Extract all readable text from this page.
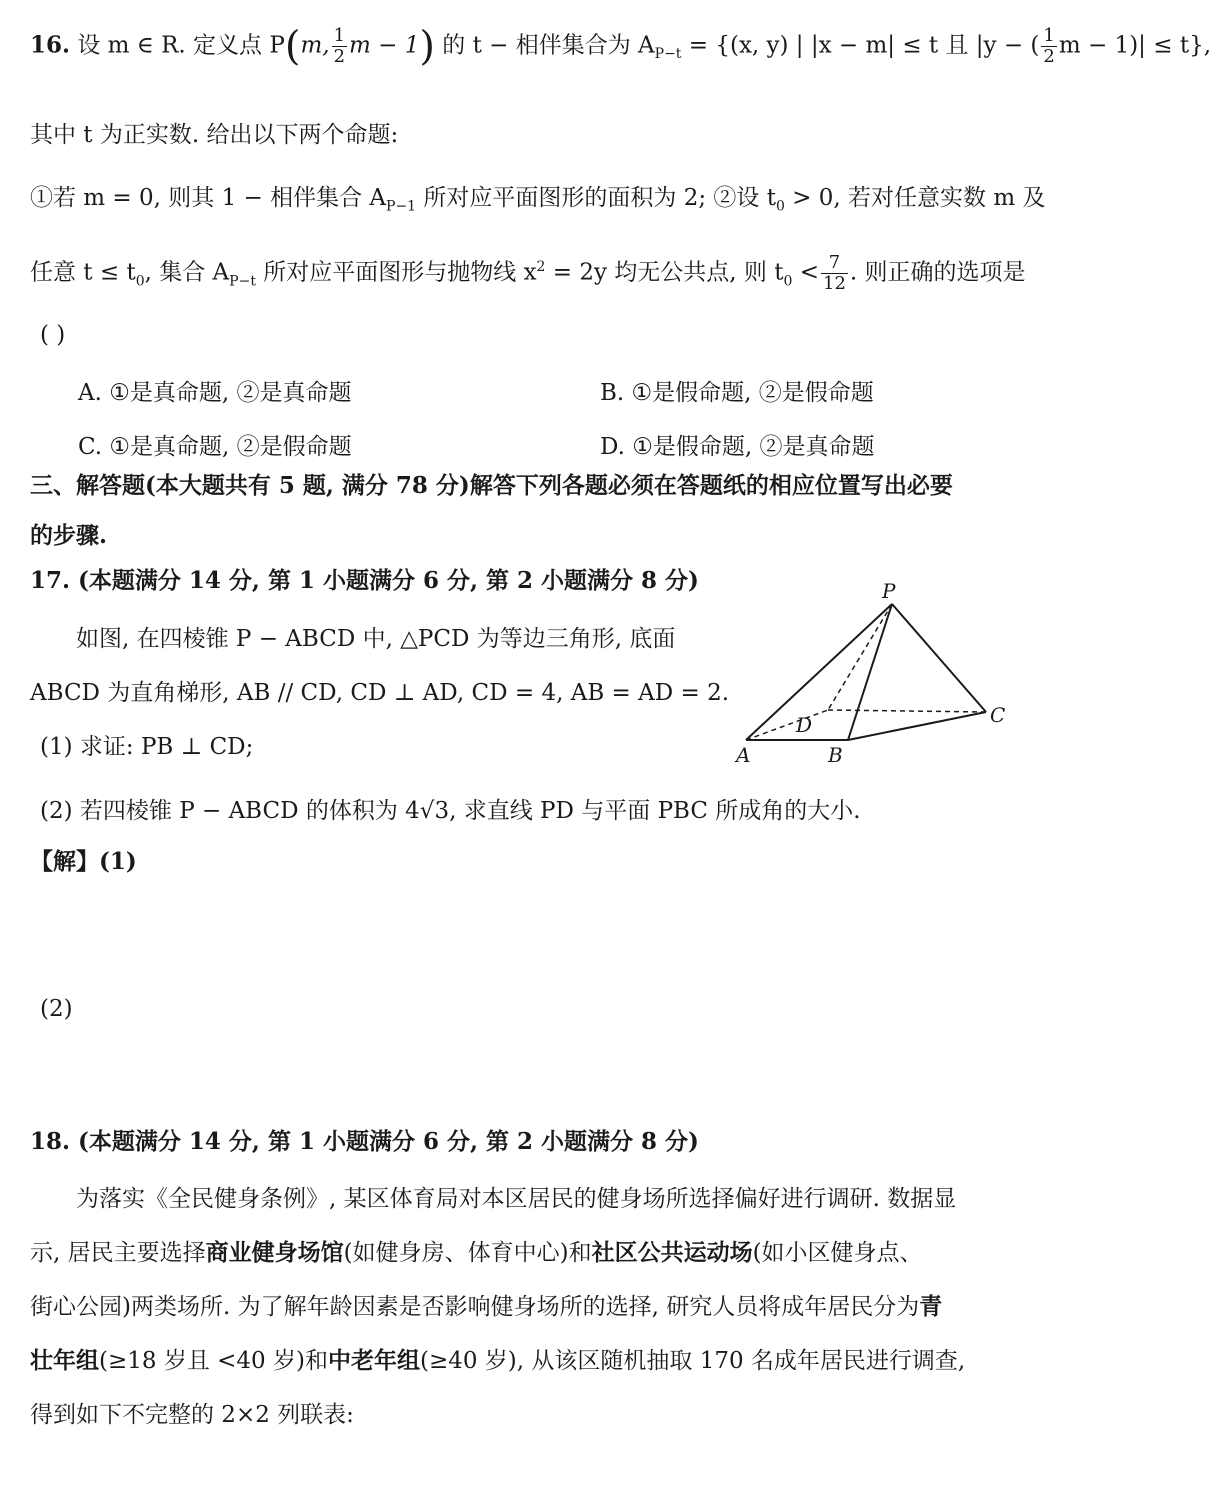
16. 设 m ∈ R. 定义点 P(m, $\frac{1}{2}$ m − 1) 的 t − 相伴集合为 $A_{P-t} = \{(x$, y) | |x − m| ≤ t 且 |y − ( $\frac{1}{2}$ m − 1)| ≤ t},
其中 t 为正实数. 给出以下两个命题:
①若 m = 0, 则其 1 − 相伴集合 $A_{P-1}$ 所对应平面图形的面积为 2; ②设 $t_0 > 0$, 若对任意实数 m 及
任意 $t \le t_0$, 集合 $A_{P-t}$ 所对应平面图形与抛物线 $x^2 = 2y$ 均无公共点, 则 $t_0 < \frac{7}{12}$ . 则正确的选项是
( )
A. ①是真命题, ②是真命题	B. ①是假命题, ②是假命题
C. ①是真命题, ②是假命题	D. ①是假命题, ②是真命题
三、解答题(本大题共有 5 题, 满分 78 分)解答下列各题必须在答题纸的相应位置写出必要
的步骤.
17. (本题满分 14 分, 第 1 小题满分 6 分, 第 2 小题满分 8 分)
如图, 在四棱锥 P − ABCD 中, △PCD 为等边三角形, 底面
ABCD 为直角梯形, AB // CD, CD ⊥ AD, CD = 4, AB = AD = 2.
(1) 求证: PB ⊥ CD;
(2) 若四棱锥 P − ABCD 的体积为 4√3, 求直线 PD 与平面 PBC 所成角的大小.
【解】(1)
(2)
P
A	B
C
D
18. (本题满分 14 分, 第 1 小题满分 6 分, 第 2 小题满分 8 分)
为落实《全民健身条例》, 某区体育局对本区居民的健身场所选择偏好进行调研. 数据显
示, 居民主要选择商业健身场馆(如健身房、体育中心)和社区公共运动场(如小区健身点、
街心公园)两类场所. 为了解年龄因素是否影响健身场所的选择, 研究人员将成年居民分为青
壮年组(≥18 岁且 <40 岁)和中老年组(≥40 岁), 从该区随机抽取 170 名成年居民进行调查,
得到如下不完整的 2×2 列联表:
